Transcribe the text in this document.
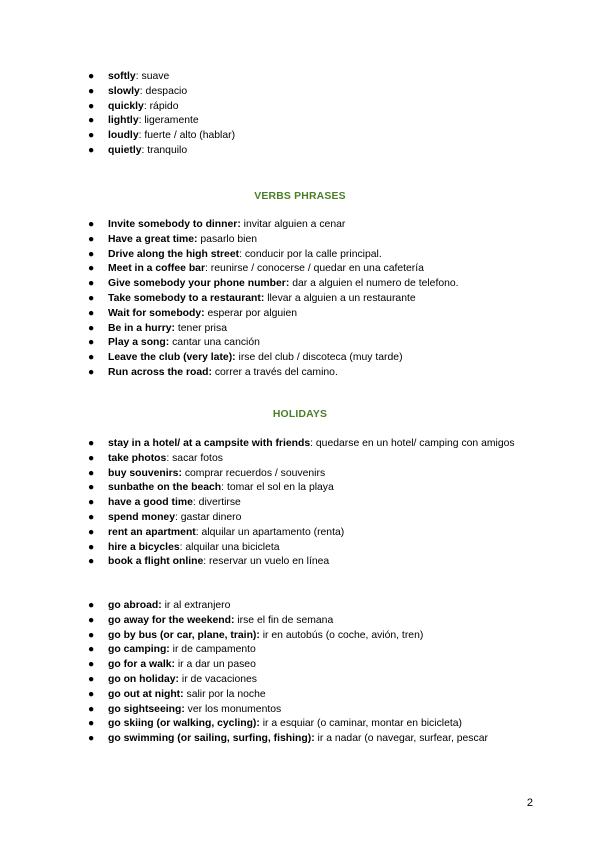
●	softly: suave
●	slowly: despacio
●	quickly: rápido
●	lightly: ligeramente
●	loudly: fuerte / alto (hablar)
●	quietly: tranquilo
VERBS PHRASES
●	Invite somebody to dinner: invitar alguien a cenar
●	Have a great time: pasarlo bien
●	Drive along the high street: conducir por la calle principal.
●	Meet in a coffee bar: reunirse / conocerse / quedar en una cafetería
●	Give somebody your phone number: dar a alguien el numero de telefono.
●	Take somebody to a restaurant: llevar a alguien a un restaurante
●	Wait for somebody: esperar por alguien
●	Be in a hurry: tener prisa
●	Play a song: cantar una canción
●	Leave the club (very late): irse del club / discoteca (muy tarde)
●	Run across the road: correr a través del camino.
HOLIDAYS
●	stay in a hotel/ at a campsite with friends: quedarse en un hotel/ camping con amigos
●	take photos: sacar fotos
●	buy souvenirs: comprar recuerdos / souvenirs
●	sunbathe on the beach: tomar el sol en la playa
●	have a good time: divertirse
●	spend money: gastar dinero
●	rent an apartment: alquilar un apartamento (renta)
●	hire a bicycles: alquilar una bicicleta
●	book a flight online: reservar un vuelo en línea
●	go abroad: ir al extranjero
●	go away for the weekend: irse el fin de semana
●	go by bus (or car, plane, train): ir en autobús (o coche, avión, tren)
●	go camping: ir de campamento
●	go for a walk: ir a dar un paseo
●	go on holiday: ir de vacaciones
●	go out at night: salir por la noche
●	go sightseeing: ver los monumentos
●	go skiing (or walking, cycling): ir a esquiar (o caminar, montar en bicicleta)
●	go swimming (or sailing, surfing, fishing): ir a nadar (o navegar, surfear, pescar
2
